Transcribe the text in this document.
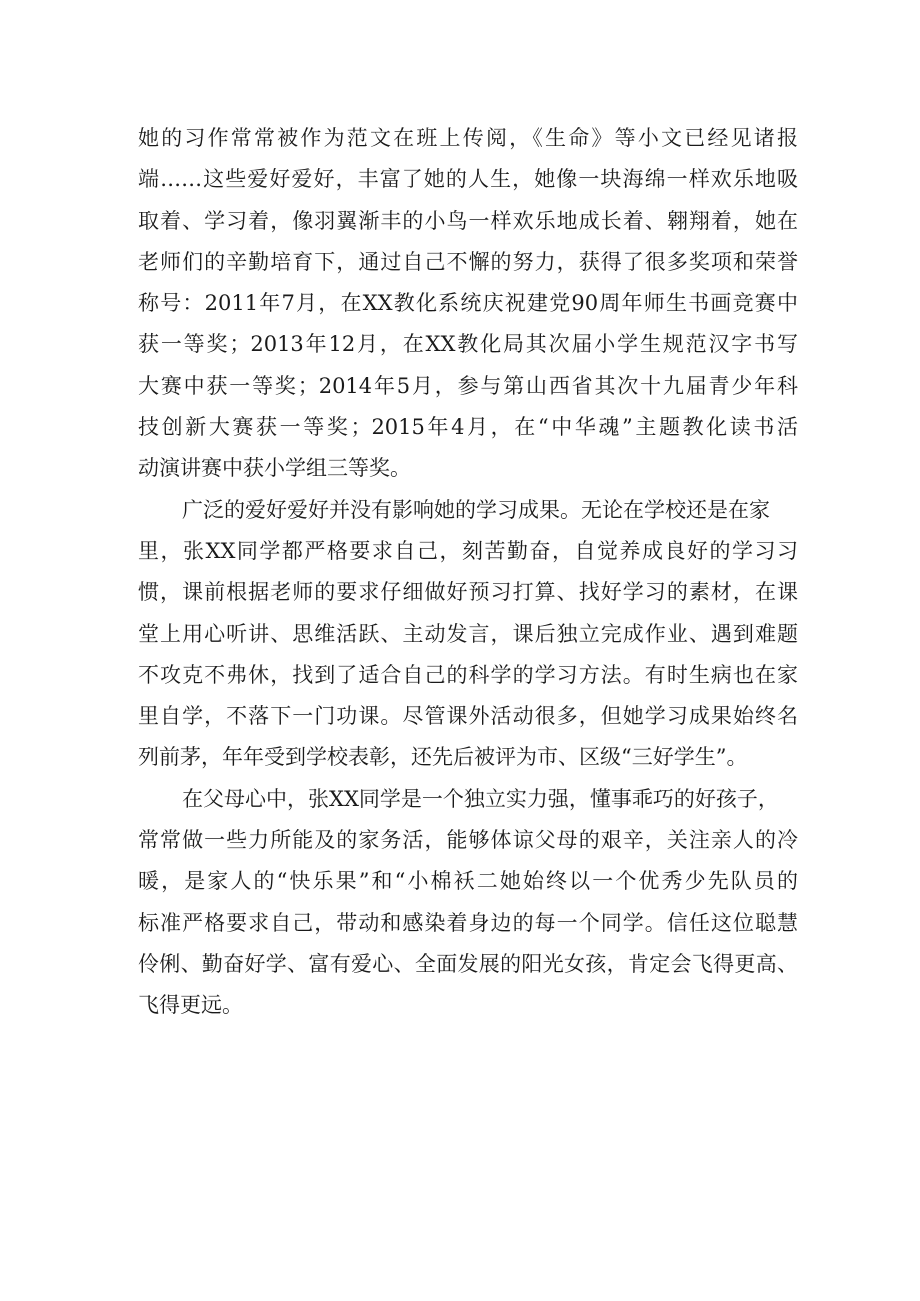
她的习作常常被作为范文在班上传阅，《生命》等小文已经见诸报
端……这些爱好爱好，丰富了她的人生，她像一块海绵一样欢乐地吸
取着、学习着，像羽翼渐丰的小鸟一样欢乐地成长着、翱翔着，她在
老师们的辛勤培育下，通过自己不懈的努力，获得了很多奖项和荣誉
称号：2011年7月，在XX教化系统庆祝建党90周年师生书画竞赛中
获一等奖；2013年12月，在XX教化局其次届小学生规范汉字书写
大赛中获一等奖；2014年5月，参与第山西省其次十九届青少年科
技创新大赛获一等奖；2015年4月，在“中华魂”主题教化读书活
动演讲赛中获小学组三等奖。
广泛的爱好爱好并没有影响她的学习成果。无论在学校还是在家
里，张XX同学都严格要求自己，刻苦勤奋，自觉养成良好的学习习
惯，课前根据老师的要求仔细做好预习打算、找好学习的素材，在课
堂上用心听讲、思维活跃、主动发言，课后独立完成作业、遇到难题
不攻克不弗休，找到了适合自己的科学的学习方法。有时生病也在家
里自学，不落下一门功课。尽管课外活动很多，但她学习成果始终名
列前茅，年年受到学校表彰，还先后被评为市、区级“三好学生”。
在父母心中，张XX同学是一个独立实力强，懂事乖巧的好孩子，
常常做一些力所能及的家务活，能够体谅父母的艰辛，关注亲人的冷
暖，是家人的“快乐果”和“小棉袄二她始终以一个优秀少先队员的
标准严格要求自己，带动和感染着身边的每一个同学。信任这位聪慧
伶俐、勤奋好学、富有爱心、全面发展的阳光女孩，肯定会飞得更高、
飞得更远。
